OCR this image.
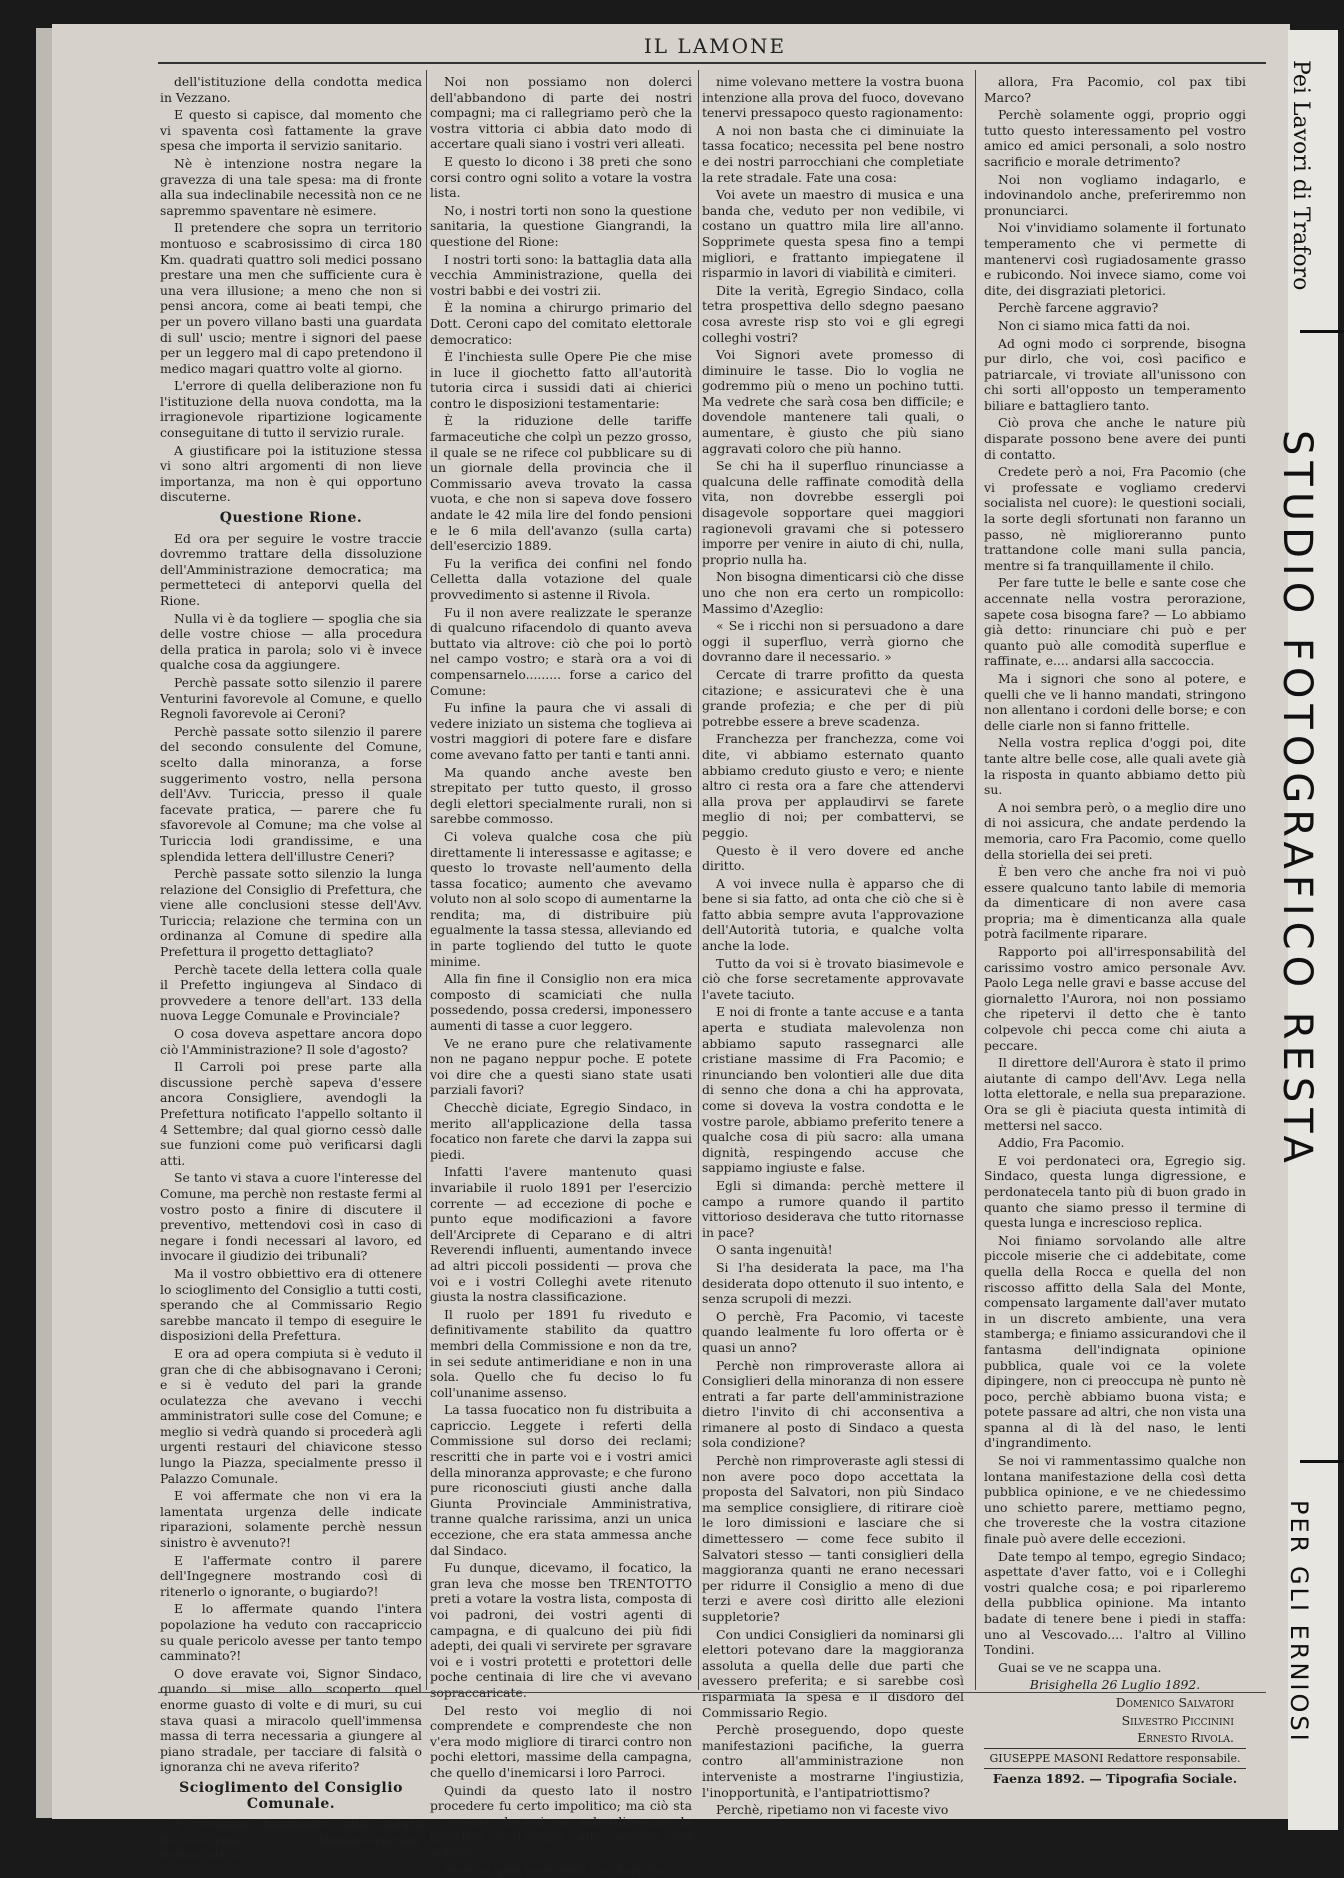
IL LAMONE

dell'istituzione della condotta medica in Vezzano.

E questo si capisce, dal momento che vi spaventa così fattamente la grave spesa che importa il servizio sanitario.

Nè è intenzione nostra negare la gravezza di una tale spesa: ma di fronte alla sua indeclinabile necessità non ce ne sapremmo spaventare nè esimere.

Il pretendere che sopra un territorio montuoso e scabrosissimo di circa 180 Km. quadrati quattro soli medici possano prestare una men che sufficiente cura è una vera illusione; a meno che non si pensi ancora, come ai beati tempi, che per un povero villano basti una guardata di sull' uscio; mentre i signori del paese per un leggero mal di capo pretendono il medico magari quattro volte al giorno.

L'errore di quella deliberazione non fu l'istituzione della nuova condotta, ma la irragionevole ripartizione logicamente conseguitane di tutto il servizio rurale.

A giustificare poi la istituzione stessa vi sono altri argomenti di non lieve importanza, ma non è qui opportuno discuterne.

Questione Rione.

Ed ora per seguire le vostre traccie dovremmo trattare della dissoluzione dell'Amministrazione democratica; ma permetteteci di anteporvi quella del Rione.

Nulla vi è da togliere — spoglia che sia delle vostre chiose — alla procedura della pratica in parola; solo vi è invece qualche cosa da aggiungere.

Perchè passate sotto silenzio il parere Venturini favorevole al Comune, e quello Regnoli favorevole ai Ceroni?

Perchè passate sotto silenzio il parere del secondo consulente del Comune, scelto dalla minoranza, a forse suggerimento vostro, nella persona dell'Avv. Turiccia, presso il quale facevate pratica, — parere che fu sfavorevole al Comune; ma che volse al Turiccia lodi grandissime, e una splendida lettera dell'illustre Ceneri?

Perchè passate sotto silenzio la lunga relazione del Consiglio di Prefettura, che viene alle conclusioni stesse dell'Avv. Turiccia; relazione che termina con un ordinanza al Comune di spedire alla Prefettura il progetto dettagliato?

Perchè tacete della lettera colla quale il Prefetto ingiungeva al Sindaco di provvedere a tenore dell'art. 133 della nuova Legge Comunale e Provinciale?

O cosa doveva aspettare ancora dopo ciò l'Amministrazione? Il sole d'agosto?

Il Carroli poi prese parte alla discussione perchè sapeva d'essere ancora Consigliere, avendogli la Prefettura notificato l'appello soltanto il 4 Settembre; dal qual giorno cessò dalle sue funzioni come può verificarsi dagli atti.

Se tanto vi stava a cuore l'interesse del Comune, ma perchè non restaste fermi al vostro posto a finire di discutere il preventivo, mettendovi così in caso di negare i fondi necessari al lavoro, ed invocare il giudizio dei tribunali?

Ma il vostro obbiettivo era di ottenere lo scioglimento del Consiglio a tutti costi, sperando che al Commissario Regio sarebbe mancato il tempo di eseguire le disposizioni della Prefettura.

E ora ad opera compiuta si è veduto il gran che di che abbisognavano i Ceroni; e si è veduto del pari la grande oculatezza che avevano i vecchi amministratori sulle cose del Comune; e meglio si vedrà quando si procederà agli urgenti restauri del chiavicone stesso lungo la Piazza, specialmente presso il Palazzo Comunale.

E voi affermate che non vi era la lamentata urgenza delle indicate riparazioni, solamente perchè nessun sinistro è avvenuto?!

E l'affermate contro il parere dell'Ingegnere mostrando così di ritenerlo o ignorante, o bugiardo?!

E lo affermate quando l'intera popolazione ha veduto con raccapriccio su quale pericolo avesse per tanto tempo camminato?!

O dove eravate voi, Signor Sindaco, quando si mise allo scoperto quel enorme guasto di volte e di muri, su cui stava quasi a miracolo quell'immensa massa di terra necessaria a giungere al piano stradale, per tacciare di falsità o ignoranza chi ne aveva riferito?

Scioglimento del Consiglio Comunale.

E veniamo finalmente alla caduta dell'esecrata Amministrazione democratica.

Noi non possiamo non dolerci dell'abbandono di parte dei nostri compagni; ma ci rallegriamo però che la vostra vittoria ci abbia dato modo di accertare quali siano i vostri veri alleati.

E questo lo dicono i 38 preti che sono corsi contro ogni solito a votare la vostra lista.

No, i nostri torti non sono la questione sanitaria, la questione Giangrandi, la questione del Rione:

I nostri torti sono: la battaglia data alla vecchia Amministrazione, quella dei vostri babbi e dei vostri zii.

È la nomina a chirurgo primario del Dott. Ceroni capo del comitato elettorale democratico:

È l'inchiesta sulle Opere Pie che mise in luce il giochetto fatto all'autorità tutoria circa i sussidi dati ai chierici contro le disposizioni testamentarie:

È la riduzione delle tariffe farmaceutiche che colpì un pezzo grosso, il quale se ne rifece col pubblicare su di un giornale della provincia che il Commissario aveva trovato la cassa vuota, e che non si sapeva dove fossero andate le 42 mila lire del fondo pensioni e le 6 mila dell'avanzo (sulla carta) dell'esercizio 1889.

Fu la verifica dei confini nel fondo Celletta dalla votazione del quale provvedimento si astenne il Rivola.

Fu il non avere realizzate le speranze di qualcuno rifacendolo di quanto aveva buttato via altrove: ciò che poi lo portò nel campo vostro; e starà ora a voi di compensarnelo......... forse a carico del Comune:

Fu infine la paura che vi assali di vedere iniziato un sistema che toglieva ai vostri maggiori di potere fare e disfare come avevano fatto per tanti e tanti anni.

Ma quando anche aveste ben strepitato per tutto questo, il grosso degli elettori specialmente rurali, non si sarebbe commosso.

Ci voleva qualche cosa che più direttamente li interessasse e agitasse; e questo lo trovaste nell'aumento della tassa focatico; aumento che avevamo voluto non al solo scopo di aumentarne la rendita; ma, di distribuire più egualmente la tassa stessa, alleviando ed in parte togliendo del tutto le quote minime.

Alla fin fine il Consiglio non era mica composto di scamiciati che nulla possedendo, possa credersi, imponessero aumenti di tasse a cuor leggero.

Ve ne erano pure che relativamente non ne pagano neppur poche. E potete voi dire che a questi siano state usati parziali favori?

Checchè diciate, Egregio Sindaco, in merito all'applicazione della tassa focatico non farete che darvi la zappa sui piedi.

Infatti l'avere mantenuto quasi invariabile il ruolo 1891 per l'esercizio corrente — ad eccezione di poche e punto eque modificazioni a favore dell'Arciprete di Ceparano e di altri Reverendi influenti, aumentando invece ad altri piccoli possidenti — prova che voi e i vostri Colleghi avete ritenuto giusta la nostra classificazione.

Il ruolo per 1891 fu riveduto e definitivamente stabilito da quattro membri della Commissione e non da tre, in sei sedute antimeridiane e non in una sola. Quello che fu deciso lo fu coll'unanime assenso.

La tassa fuocatico non fu distribuita a capriccio. Leggete i referti della Commissione sul dorso dei reclami; rescritti che in parte voi e i vostri amici della minoranza approvaste; e che furono pure riconosciuti giusti anche dalla Giunta Provinciale Amministrativa, tranne qualche rarissima, anzi un unica eccezione, che era stata ammessa anche dal Sindaco.

Fu dunque, dicevamo, il focatico, la gran leva che mosse ben TRENTOTTO preti a votare la vostra lista, composta di voi padroni, dei vostri agenti di campagna, e di qualcuno dei più fidi adepti, dei quali vi servirete per sgravare voi e i vostri protetti e protettori delle poche centinaia di lire che vi avevano sopraccaricate.

Del resto voi meglio di noi comprendete e comprendeste che non v'era modo migliore di tirarci contro non pochi elettori, massime della campagna, che quello d'inemicarsi i loro Parroci.

Quindi da questo lato il nostro procedere fu certo impolitico; ma ciò sta a provare che noi non subordinevamo la giustizia e l'equità alla smania del potere.

Però se quei reverendi curatori d'a-

nime volevano mettere la vostra buona intenzione alla prova del fuoco, dovevano tenervi pressapoco questo ragionamento:

A noi non basta che ci diminuiate la tassa focatico; necessita pel bene nostro e dei nostri parrocchiani che completiate la rete stradale. Fate una cosa:

Voi avete un maestro di musica e una banda che, veduto per non vedibile, vi costano un quattro mila lire all'anno. Sopprimete questa spesa fino a tempi migliori, e frattanto impiegatene il risparmio in lavori di viabilità e cimiteri.

Dite la verità, Egregio Sindaco, colla tetra prospettiva dello sdegno paesano cosa avreste risp sto voi e gli egregi colleghi vostri?

Voi Signori avete promesso di diminuire le tasse. Dio lo voglia ne godremmo più o meno un pochino tutti. Ma vedrete che sarà cosa ben difficile; e dovendole mantenere tali quali, o aumentare, è giusto che più siano aggravati coloro che più hanno.

Se chi ha il superfluo rinunciasse a qualcuna delle raffinate comodità della vita, non dovrebbe essergli poi disagevole sopportare quei maggiori ragionevoli gravami che si potessero imporre per venire in aiuto di chi, nulla, proprio nulla ha.

Non bisogna dimenticarsi ciò che disse uno che non era certo un rompicollo: Massimo d'Azeglio:

« Se i ricchi non si persuadono a dare oggi il superfluo, verrà giorno che dovranno dare il necessario. »

Cercate di trarre profitto da questa citazione; e assicuratevi che è una grande profezia; e che per di più potrebbe essere a breve scadenza.

Franchezza per franchezza, come voi dite, vi abbiamo esternato quanto abbiamo creduto giusto e vero; e niente altro ci resta ora a fare che attendervi alla prova per applaudirvi se farete meglio di noi; per combattervi, se peggio.

Questo è il vero dovere ed anche diritto.

A voi invece nulla è apparso che di bene si sia fatto, ad onta che ciò che si è fatto abbia sempre avuta l'approvazione dell'Autorità tutoria, e qualche volta anche la lode.

Tutto da voi si è trovato biasimevole e ciò che forse secretamente approvavate l'avete taciuto.

E noi di fronte a tante accuse e a tanta aperta e studiata malevolenza non abbiamo saputo rassegnarci alle cristiane massime di Fra Pacomio; e rinunciando ben volontieri alle due dita di senno che dona a chi ha approvata, come si doveva la vostra condotta e le vostre parole, abbiamo preferito tenere a qualche cosa di più sacro: alla umana dignità, respingendo accuse che sappiamo ingiuste e false.

Egli si dimanda: perchè mettere il campo a rumore quando il partito vittorioso desiderava che tutto ritornasse in pace?

O santa ingenuità!

Si l'ha desiderata la pace, ma l'ha desiderata dopo ottenuto il suo intento, e senza scrupoli di mezzi.

O perchè, Fra Pacomio, vi taceste quando lealmente fu loro offerta or è quasi un anno?

Perchè non rimproveraste allora ai Consiglieri della minoranza di non essere entrati a far parte dell'amministrazione dietro l'invito di chi acconsentiva a rimanere al posto di Sindaco a questa sola condizione?

Perchè non rimproveraste agli stessi di non avere poco dopo accettata la proposta del Salvatori, non più Sindaco ma semplice consigliere, di ritirare cioè le loro dimissioni e lasciare che si dimettessero — come fece subito il Salvatori stesso — tanti consiglieri della maggioranza quanti ne erano necessari per ridurre il Consiglio a meno di due terzi e avere così diritto alle elezioni suppletorie?

Con undici Consiglieri da nominarsi gli elettori potevano dare la maggioranza assoluta a quella delle due parti che avessero preferita; e si sarebbe così risparmiata la spesa e il disdoro del Commissario Regio.

Perchè proseguendo, dopo queste manifestazioni pacifiche, la guerra contro all'amministrazione non interveniste a mostrarne l'ingiustizia, l'inopportunità, e l'antipatriottismo?

Perchè, ripetiamo non vi faceste vivo

allora, Fra Pacomio, col pax tibi Marco?

Perchè solamente oggi, proprio oggi tutto questo interessamento pel vostro amico ed amici personali, a solo nostro sacrificio e morale detrimento?

Noi non vogliamo indagarlo, e indovinandolo anche, preferiremmo non pronunciarci.

Noi v'invidiamo solamente il fortunato temperamento che vi permette di mantenervi così rugiadosamente grasso e rubicondo. Noi invece siamo, come voi dite, dei disgraziati pletorici.

Perchè farcene aggravio?

Non ci siamo mica fatti da noi.

Ad ogni modo ci sorprende, bisogna pur dirlo, che voi, così pacifico e patriarcale, vi troviate all'unissono con chi sorti all'opposto un temperamento biliare e battagliero tanto.

Ciò prova che anche le nature più disparate possono bene avere dei punti di contatto.

Credete però a noi, Fra Pacomio (che vi professate e vogliamo credervi socialista nel cuore): le questioni sociali, la sorte degli sfortunati non faranno un passo, nè miglioreranno punto trattandone colle mani sulla pancia, mentre si fa tranquillamente il chilo.

Per fare tutte le belle e sante cose che accennate nella vostra perorazione, sapete cosa bisogna fare? — Lo abbiamo già detto: rinunciare chi può e per quanto può alle comodità superflue e raffinate, e.... andarsi alla saccoccia.

Ma i signori che sono al potere, e quelli che ve li hanno mandati, stringono non allentano i cordoni delle borse; e con delle ciarle non si fanno frittelle.

Nella vostra replica d'oggi poi, dite tante altre belle cose, alle quali avete già la risposta in quanto abbiamo detto più su.

A noi sembra però, o a meglio dire uno di noi assicura, che andate perdendo la memoria, caro Fra Pacomio, come quello della storiella dei sei preti.

È ben vero che anche fra noi vi può essere qualcuno tanto labile di memoria da dimenticare di non avere casa propria; ma è dimenticanza alla quale potrà facilmente riparare.

Rapporto poi all'irresponsabilità del carissimo vostro amico personale Avv. Paolo Lega nelle gravi e basse accuse del giornaletto l'Aurora, noi non possiamo che ripetervi il detto che è tanto colpevole chi pecca come chi aiuta a peccare.

Il direttore dell'Aurora è stato il primo aiutante di campo dell'Avv. Lega nella lotta elettorale, e nella sua preparazione. Ora se gli è piaciuta questa intimità di mettersi nel sacco.

Addio, Fra Pacomio.

E voi perdonateci ora, Egregio sig. Sindaco, questa lunga digressione, e perdonatecela tanto più di buon grado in quanto che siamo presso il termine di questa lunga e increscioso replica.

Noi finiamo sorvolando alle altre piccole miserie che ci addebitate, come quella della Rocca e quella del non riscosso affitto della Sala del Monte, compensato largamente dall'aver mutato in un discreto ambiente, una vera stamberga; e finiamo assicurandovi che il fantasma dell'indignata opinione pubblica, quale voi ce la volete dipingere, non ci preoccupa nè punto nè poco, perchè abbiamo buona vista; e potete passare ad altri, che non vista una spanna al di là del naso, le lenti d'ingrandimento.

Se noi vi rammentassimo qualche non lontana manifestazione della così detta pubblica opinione, e ve ne chiedessimo uno schietto parere, mettiamo pegno, che trovereste che la vostra citazione finale può avere delle eccezioni.

Date tempo al tempo, egregio Sindaco; aspettate d'aver fatto, voi e i Colleghi vostri qualche cosa; e poi riparleremo della pubblica opinione. Ma intanto badate di tenere bene i piedi in staffa: uno al Vescovado.... l'altro al Villino Tondini.

Guai se ve ne scappa una.

Brisighella 26 Luglio 1892.

Domenico Salvatori

Silvestro Piccinini

Ernesto Rivola.

GIUSEPPE MASONI Redattore responsabile.

Faenza 1892. — Tipografia Sociale.

Pei Lavori di Traforo
STUDIO FOTOGRAFICO RESTA
PER GLI ERNIOSI
